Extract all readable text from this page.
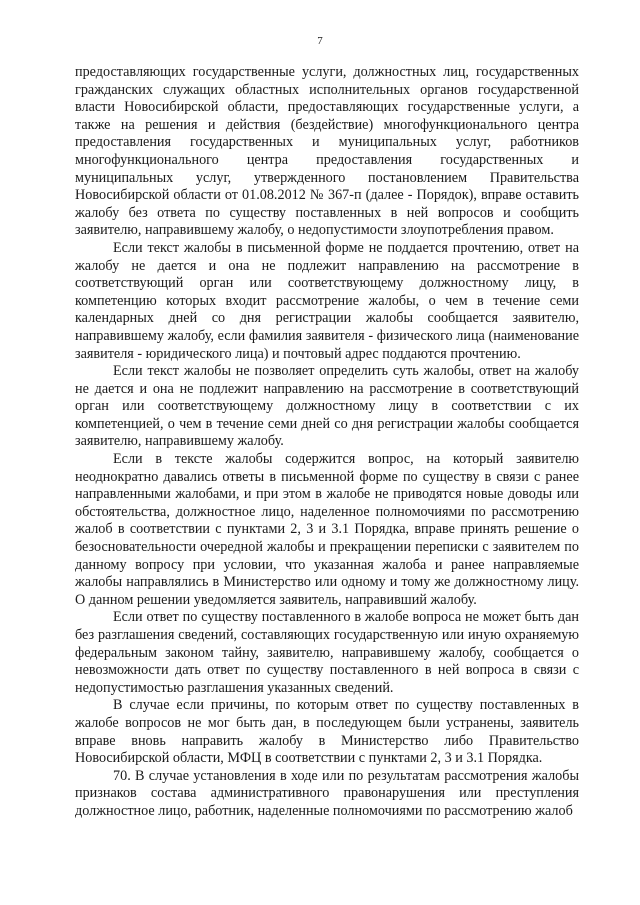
7

предоставляющих государственные услуги, должностных лиц, государственных гражданских служащих областных исполнительных органов государственной власти Новосибирской области, предоставляющих государственные услуги, а также на решения и действия (бездействие) многофункционального центра предоставления государственных и муниципальных услуг, работников многофункционального центра предоставления государственных и муниципальных услуг, утвержденного постановлением Правительства Новосибирской области от 01.08.2012 № 367-п (далее - Порядок), вправе оставить жалобу без ответа по существу поставленных в ней вопросов и сообщить заявителю, направившему жалобу, о недопустимости злоупотребления правом.

Если текст жалобы в письменной форме не поддается прочтению, ответ на жалобу не дается и она не подлежит направлению на рассмотрение в соответствующий орган или соответствующему должностному лицу, в компетенцию которых входит рассмотрение жалобы, о чем в течение семи календарных дней со дня регистрации жалобы сообщается заявителю, направившему жалобу, если фамилия заявителя - физического лица (наименование заявителя - юридического лица) и почтовый адрес поддаются прочтению.

Если текст жалобы не позволяет определить суть жалобы, ответ на жалобу не дается и она не подлежит направлению на рассмотрение в соответствующий орган или соответствующему должностному лицу в соответствии с их компетенцией, о чем в течение семи дней со дня регистрации жалобы сообщается заявителю, направившему жалобу.

Если в тексте жалобы содержится вопрос, на который заявителю неоднократно давались ответы в письменной форме по существу в связи с ранее направленными жалобами, и при этом в жалобе не приводятся новые доводы или обстоятельства, должностное лицо, наделенное полномочиями по рассмотрению жалоб в соответствии с пунктами 2, 3 и 3.1 Порядка, вправе принять решение о безосновательности очередной жалобы и прекращении переписки с заявителем по данному вопросу при условии, что указанная жалоба и ранее направляемые жалобы направлялись в Министерство или одному и тому же должностному лицу. О данном решении уведомляется заявитель, направивший жалобу.

Если ответ по существу поставленного в жалобе вопроса не может быть дан без разглашения сведений, составляющих государственную или иную охраняемую федеральным законом тайну, заявителю, направившему жалобу, сообщается о невозможности дать ответ по существу поставленного в ней вопроса в связи с недопустимостью разглашения указанных сведений.

В случае если причины, по которым ответ по существу поставленных в жалобе вопросов не мог быть дан, в последующем были устранены, заявитель вправе вновь направить жалобу в Министерство либо Правительство Новосибирской области, МФЦ в соответствии с пунктами 2, 3 и 3.1 Порядка.

70. В случае установления в ходе или по результатам рассмотрения жалобы признаков состава административного правонарушения или преступления должностное лицо, работник, наделенные полномочиями по рассмотрению жалоб
